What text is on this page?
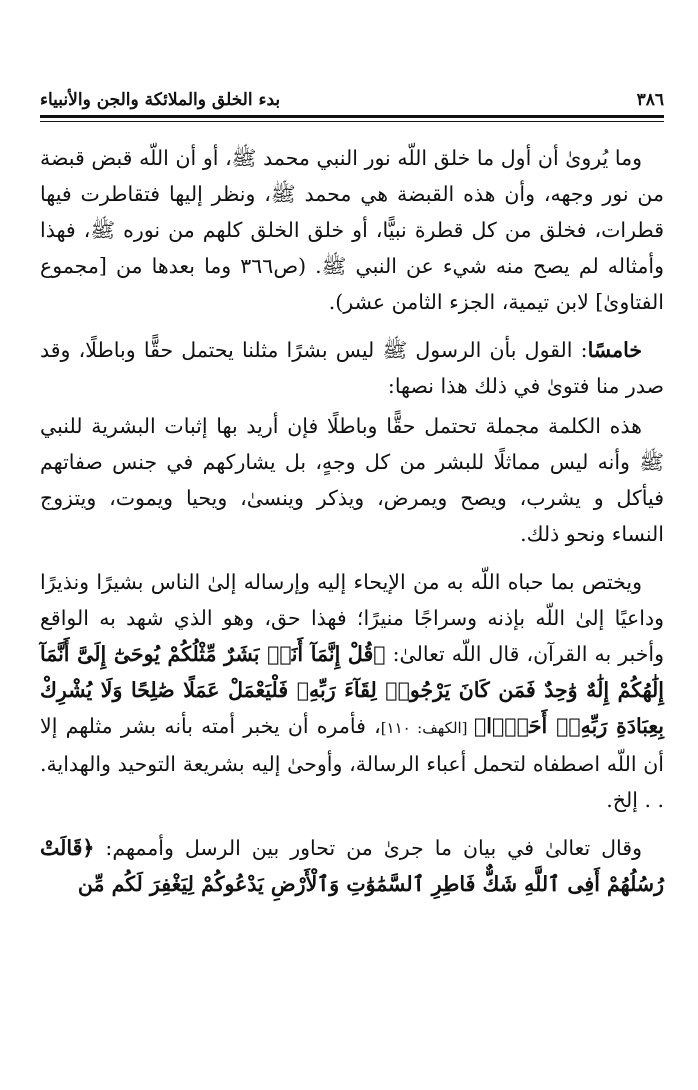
٣٨٦
بدء الخلق والملائكة والجن والأنبياء

وما يُروىٰ أن أول ما خلق اللّه نور النبي محمد ﷺ، أو أن اللّه قبض قبضة من نور وجهه، وأن هذه القبضة هي محمد ﷺ، ونظر إليها فتقاطرت فيها قطرات، فخلق من كل قطرة نبيًّا، أو خلق الخلق كلهم من نوره ﷺ، فهذا وأمثاله لم يصح منه شيء عن النبي ﷺ. (ص٣٦٦ وما بعدها من [مجموع الفتاوىٰ] لابن تيمية، الجزء الثامن عشر).

خامسًا: القول بأن الرسول ﷺ ليس بشرًا مثلنا يحتمل حقًّا وباطلًا، وقد صدر منا فتوىٰ في ذلك هذا نصها:

هذه الكلمة مجملة تحتمل حقًّا وباطلًا فإن أريد بها إثبات البشرية للنبي ﷺ وأنه ليس مماثلًا للبشر من كل وجهٍ، بل يشاركهم في جنس صفاتهم فيأكل و يشرب، ويصح ويمرض، ويذكر وينسىٰ، ويحيا ويموت، ويتزوج النساء ونحو ذلك.

ويختص بما حباه اللّه به من الإيحاء إليه وإرساله إلىٰ الناس بشيرًا ونذيرًا وداعيًا إلىٰ اللّه بإذنه وسراجًا منيرًا؛ فهذا حق، وهو الذي شهد به الواقع وأخبر به القرآن، قال اللّه تعالىٰ: ﴿قُلْ إِنَّمَآ أَنَا۠ بَشَرٌ مِّثْلُكُمْ يُوحَىٰٓ إِلَىَّ أَنَّمَآ إِلَٰهُكُمْ إِلَٰهٌ وَٰحِدٌ فَمَن كَانَ يَرْجُوا۟ لِقَآءَ رَبِّهِۦ فَلْيَعْمَلْ عَمَلًا صَٰلِحًا وَلَا يُشْرِكْ بِعِبَادَةِ رَبِّهِۦٓ أَحَدًۢا﴾ [الكهف: ١١٠]، فأمره أن يخبر أمته بأنه بشر مثلهم إلا أن اللّه اصطفاه لتحمل أعباء الرسالة، وأوحىٰ إليه بشريعة التوحيد والهداية. . . إلخ.

وقال تعالىٰ في بيان ما جرىٰ من تحاور بين الرسل وأممهم: ﴿قَالَتْ رُسُلُهُمْ أَفِى ٱللَّهِ شَكٌّ فَاطِرِ ٱلسَّمَٰوَٰتِ وَٱلْأَرْضِ يَدْعُوكُمْ لِيَغْفِرَ لَكُم مِّن
